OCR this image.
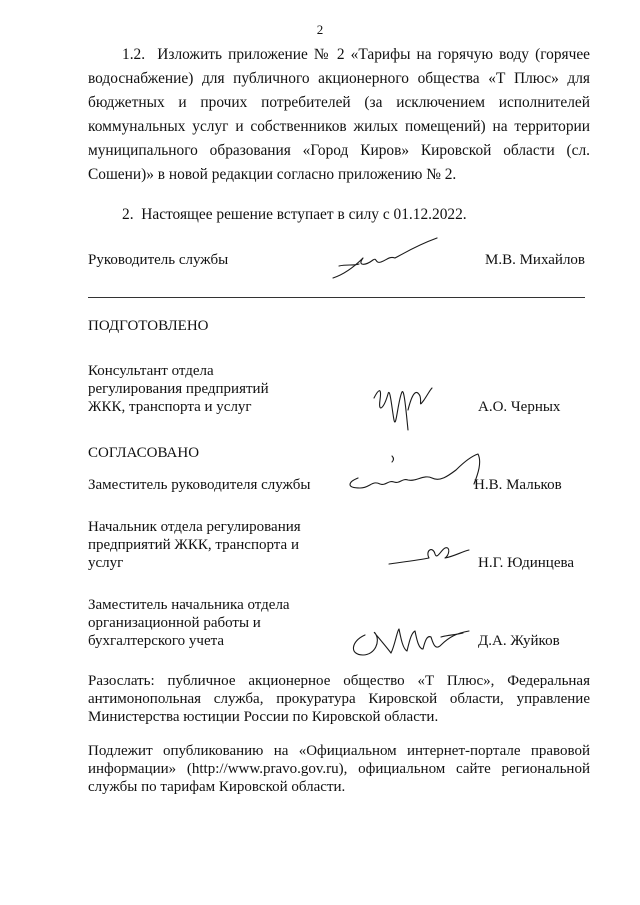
2
1.2. Изложить приложение № 2 «Тарифы на горячую воду (горячее водоснабжение) для публичного акционерного общества «Т Плюс» для бюджетных и прочих потребителей (за исключением исполнителей коммунальных услуг и собственников жилых помещений) на территории муниципального образования «Город Киров» Кировской области (сл. Сошени)» в новой редакции согласно приложению № 2.
2. Настоящее решение вступает в силу с 01.12.2022.
Руководитель службы	М.В. Михайлов
ПОДГОТОВЛЕНО
Консультант отдела
регулирования предприятий
ЖКК, транспорта и услуг	А.О. Черных
СОГЛАСОВАНО
Заместитель руководителя службы	Н.В. Мальков
Начальник отдела регулирования
предприятий ЖКК, транспорта и
услуг	Н.Г. Юдинцева
Заместитель начальника отдела
организационной работы и
бухгалтерского учета	Д.А. Жуйков
Разослать: публичное акционерное общество «Т Плюс», Федеральная антимонопольная служба, прокуратура Кировской области, управление Министерства юстиции России по Кировской области.
Подлежит опубликованию на «Официальном интернет-портале правовой информации» (http://www.pravo.gov.ru), официальном сайте региональной службы по тарифам Кировской области.
